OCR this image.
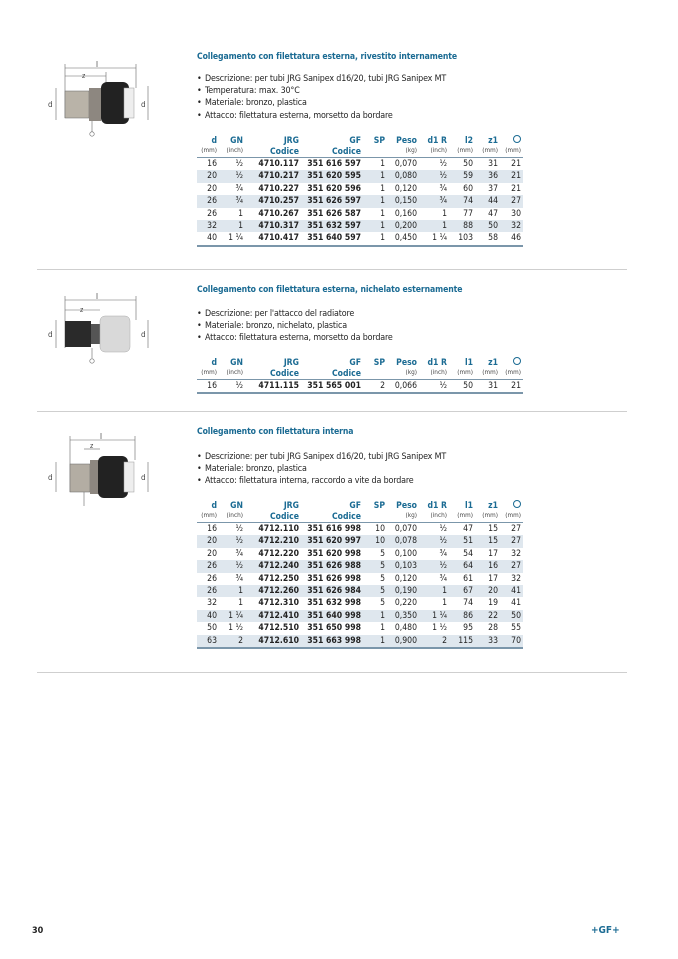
l
z
d	d
Collegamento con filettatura esterna, rivestito internamente
• Descrizione: per tubi JRG Sanipex d16/20, tubi JRG Sanipex MT
• Temperatura: max. 30°C
• Materiale: bronzo, plastica
• Attacco: filettatura esterna, morsetto da bordare
d	GN	JRG	GF	SP	Peso	d1 R	l2	z1	
(mm)	(inch)	Codice	Codice		(kg)	(inch)	(mm)	(mm)	(mm)
16	½	4710.117	351 616 597	1	0,070	½	50	31	21
20	½	4710.217	351 620 595	1	0,080	½	59	36	21
20	¾	4710.227	351 620 596	1	0,120	¾	60	37	21
26	¾	4710.257	351 626 597	1	0,150	¾	74	44	27
26	1	4710.267	351 626 587	1	0,160	1	77	47	30
32	1	4710.317	351 632 597	1	0,200	1	88	50	32
40	1 ¼	4710.417	351 640 597	1	0,450	1 ¼	103	58	46
l
z
d	d
Collegamento con filettatura esterna, nichelato esternamente
• Descrizione: per l'attacco del radiatore
• Materiale: bronzo, nichelato, plastica
• Attacco: filettatura esterna, morsetto da bordare
d	GN	JRG	GF	SP	Peso	d1 R	l1	z1	
(mm)	(inch)	Codice	Codice		(kg)	(inch)	(mm)	(mm)	(mm)
16	½	4711.115	351 565 001	2	0,066	½	50	31	21
l
z
d	d
Collegamento con filettatura interna
• Descrizione: per tubi JRG Sanipex d16/20, tubi JRG Sanipex MT
• Materiale: bronzo, plastica
• Attacco: filettatura interna, raccordo a vite da bordare
d	GN	JRG	GF	SP	Peso	d1 R	l1	z1	
(mm)	(inch)	Codice	Codice		(kg)	(inch)	(mm)	(mm)	(mm)
16	½	4712.110	351 616 998	10	0,070	½	47	15	27
20	½	4712.210	351 620 997	10	0,078	½	51	15	27
20	¾	4712.220	351 620 998	5	0,100	¾	54	17	32
26	½	4712.240	351 626 988	5	0,103	½	64	16	27
26	¾	4712.250	351 626 998	5	0,120	¾	61	17	32
26	1	4712.260	351 626 984	5	0,190	1	67	20	41
32	1	4712.310	351 632 998	5	0,220	1	74	19	41
40	1 ¼	4712.410	351 640 998	1	0,350	1 ¼	86	22	50
50	1 ½	4712.510	351 650 998	1	0,480	1 ½	95	28	55
63	2	4712.610	351 663 998	1	0,900	2	115	33	70
30	+GF+
